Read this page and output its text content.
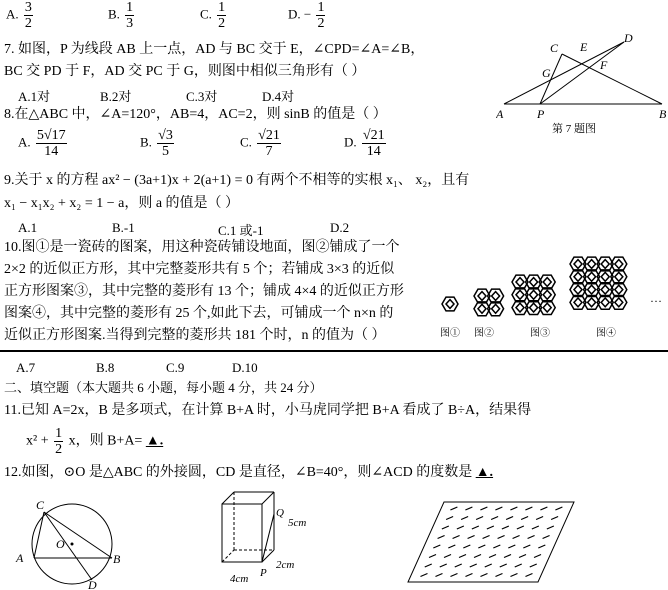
A. $\frac{3}{2}$	B. $\frac{1}{3}$	C. $\frac{1}{2}$	D. − $\frac{1}{2}$
7. 如图，P 为线段 AB 上一点，AD 与 BC 交于 E，∠CPD=∠A=∠B，
BC 交 PD 于 F，AD 交 PC 于 G，则图中相似三角形有（ ）
A.1对	B.2对	C.3对	D.4对
A	B
C
D
E
F
G
P
第 7 题图
8.在△ABC 中，∠A=120°，AB=4，AC=2，则 sinB 的值是（ ）
A. $\frac{5√17}{14}$	B. $\frac{√3}{5}$	C. $\frac{√21}{7}$	D. $\frac{√21}{14}$
9.关于 x 的方程 ax² − (3a+1)x + 2(a+1) = 0 有两个不相等的实根 x₁、 x₂，且有
x₁ − x₁x₂ + x₂ = 1 − a，则 a 的值是（ ）
A.1	B.-1	C.1 或-1	D.2
10.图①是一瓷砖的图案，用这种瓷砖铺设地面，图②铺成了一个
2×2 的近似正方形，其中完整菱形共有 5 个；若铺成 3×3 的近似
正方形图案③，其中完整的菱形有 13 个；铺成 4×4 的近似正方形
图案④，其中完整的菱形有 25 个,如此下去，可铺成一个 n×n 的
近似正方形图案.当得到完整的菱形共 181 个时，n 的值为（ ）	图① 图②	图③	图④
…
A.7	B.8	C.9	D.10
二、填空题（本大题共 6 小题，每小题 4 分，共 24 分）
11.已知 A=2x，B 是多项式，在计算 B+A 时，小马虎同学把 B+A 看成了 B÷A，结果得
$x^2 + \frac{1}{2}$ x，则 B+A= ▲.
12.如图，⊙O 是△ABC 的外接圆，CD 是直径，∠B=40°，则∠ACD 的度数是 ▲.
C
A	B
D
O
Q
P
5cm
4cm
2cm
